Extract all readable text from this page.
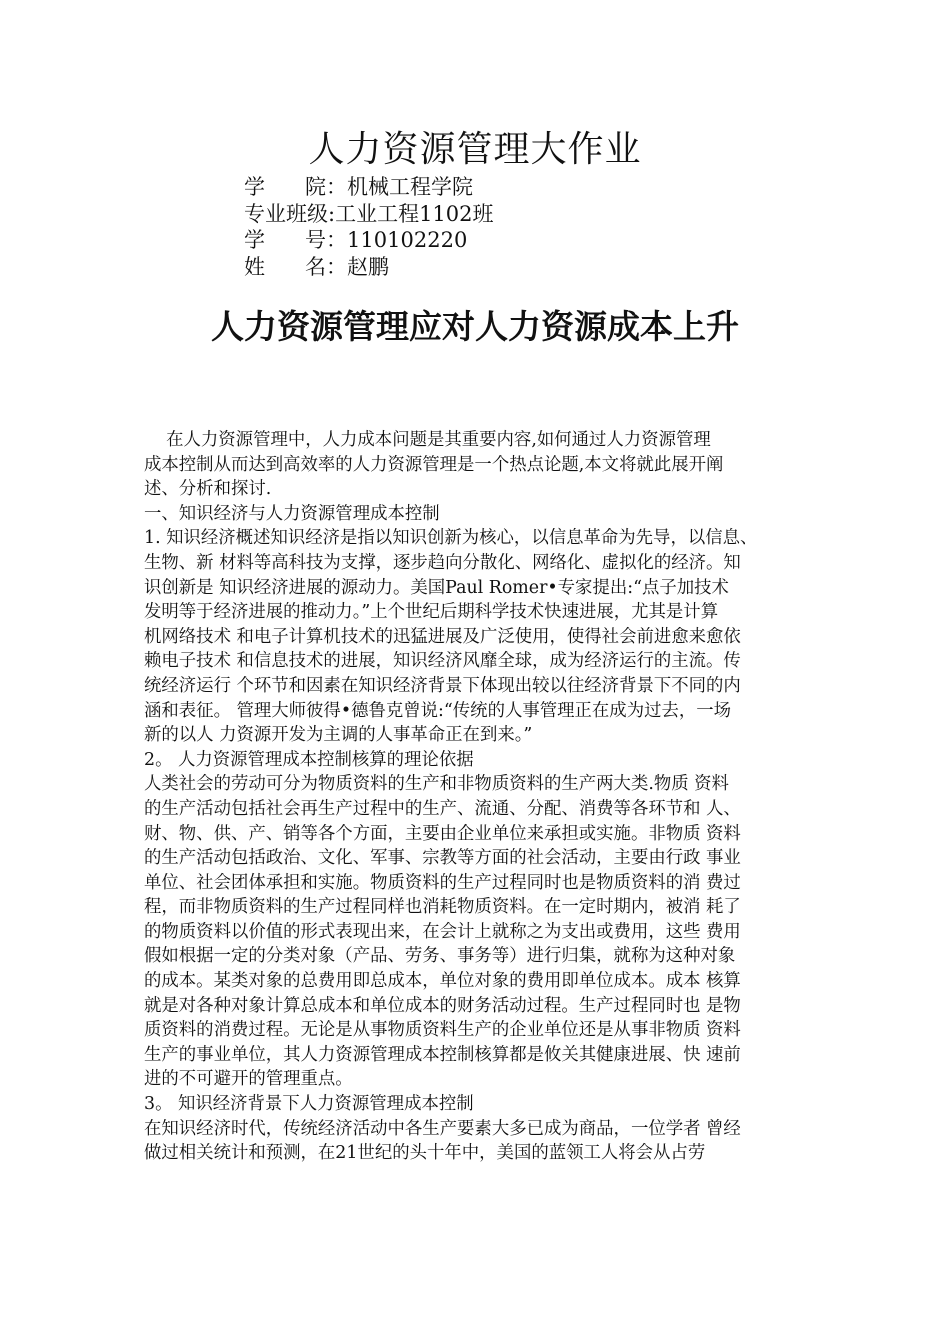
人力资源管理大作业
学      院：机械工程学院
专业班级:工业工程1102班
学      号：110102220
姓      名：赵鹏
人力资源管理应对人力资源成本上升
在人力资源管理中，人力成本问题是其重要内容,如何通过人力资源管理
成本控制从而达到高效率的人力资源管理是一个热点论题,本文将就此展开阐
述、分析和探讨.
一、知识经济与人力资源管理成本控制
1. 知识经济概述知识经济是指以知识创新为核心，以信息革命为先导，以信息、
生物、新 材料等高科技为支撑，逐步趋向分散化、网络化、虚拟化的经济。知
识创新是 知识经济进展的源动力。美国Paul Romer•专家提出:“点子加技术
发明等于经济进展的推动力。”上个世纪后期科学技术快速进展，尤其是计算
机网络技术 和电子计算机技术的迅猛进展及广泛使用，使得社会前进愈来愈依
赖电子技术 和信息技术的进展，知识经济风靡全球，成为经济运行的主流。传
统经济运行 个环节和因素在知识经济背景下体现出较以往经济背景下不同的内
涵和表征。 管理大师彼得•德鲁克曾说:“传统的人事管理正在成为过去，一场
新的以人 力资源开发为主调的人事革命正在到来。”
2。 人力资源管理成本控制核算的理论依据
人类社会的劳动可分为物质资料的生产和非物质资料的生产两大类.物质 资料
的生产活动包括社会再生产过程中的生产、流通、分配、消费等各环节和 人、
财、物、供、产、销等各个方面，主要由企业单位来承担或实施。非物质 资料
的生产活动包括政治、文化、军事、宗教等方面的社会活动，主要由行政 事业
单位、社会团体承担和实施。物质资料的生产过程同时也是物质资料的消 费过
程，而非物质资料的生产过程同样也消耗物质资料。在一定时期内，被消 耗了
的物质资料以价值的形式表现出来，在会计上就称之为支出或费用，这些 费用
假如根据一定的分类对象（产品、劳务、事务等）进行归集，就称为这种对象
的成本。某类对象的总费用即总成本，单位对象的费用即单位成本。成本 核算
就是对各种对象计算总成本和单位成本的财务活动过程。生产过程同时也 是物
质资料的消费过程。无论是从事物质资料生产的企业单位还是从事非物质 资料
生产的事业单位，其人力资源管理成本控制核算都是攸关其健康进展、快 速前
进的不可避开的管理重点。
3。 知识经济背景下人力资源管理成本控制
在知识经济时代，传统经济活动中各生产要素大多已成为商品，一位学者 曾经
做过相关统计和预测，在21世纪的头十年中，美国的蓝领工人将会从占劳
